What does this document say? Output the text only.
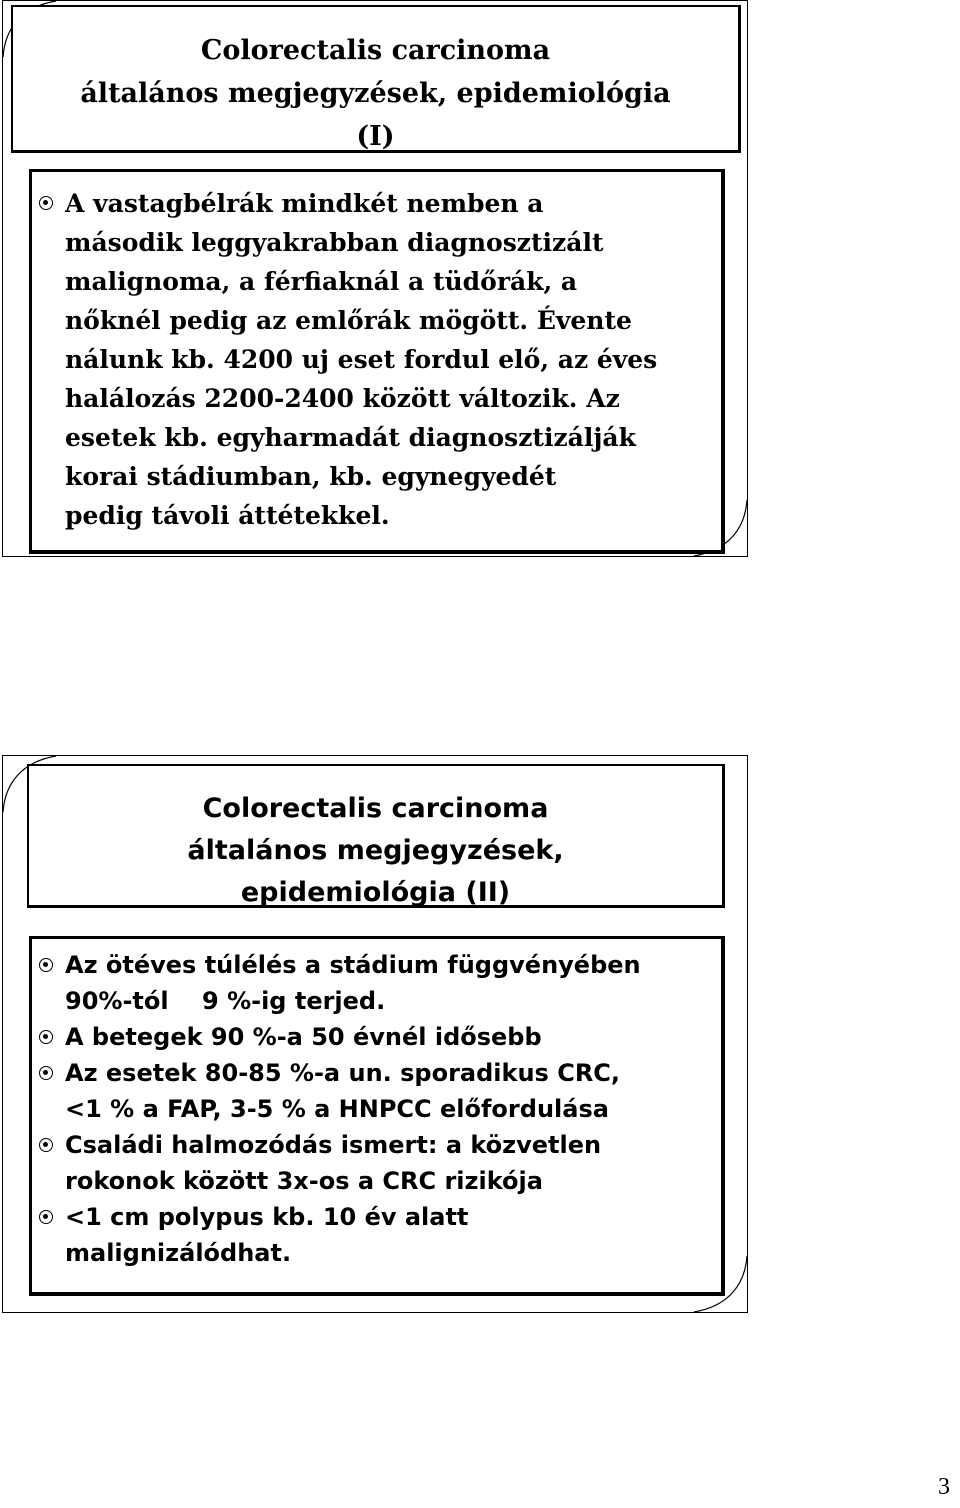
Colorectalis carcinoma
általános megjegyzések, epidemiológia
(I)
A vastagbélrák mindkét nemben a
második leggyakrabban diagnosztizált
malignoma, a férfiaknál a tüdőrák, a
nőknél pedig az emlőrák mögött. Évente
nálunk kb. 4200 uj eset fordul elő, az éves
halálozás 2200-2400 között változik. Az
esetek kb. egyharmadát diagnosztizálják
korai stádiumban, kb. egynegyedét
pedig távoli áttétekkel.
Colorectalis carcinoma
általános megjegyzések,
epidemiológia (II)
Az ötéves túlélés a stádium függvényében
90%-tól    9 %-ig terjed.
A betegek 90 %-a 50 évnél idősebb
Az esetek 80-85 %-a un. sporadikus CRC,
<1 % a FAP, 3-5 % a HNPCC előfordulása
Családi halmozódás ismert: a közvetlen
rokonok között 3x-os a CRC rizikója
<1 cm polypus kb. 10 év alatt
malignizálódhat.
3
